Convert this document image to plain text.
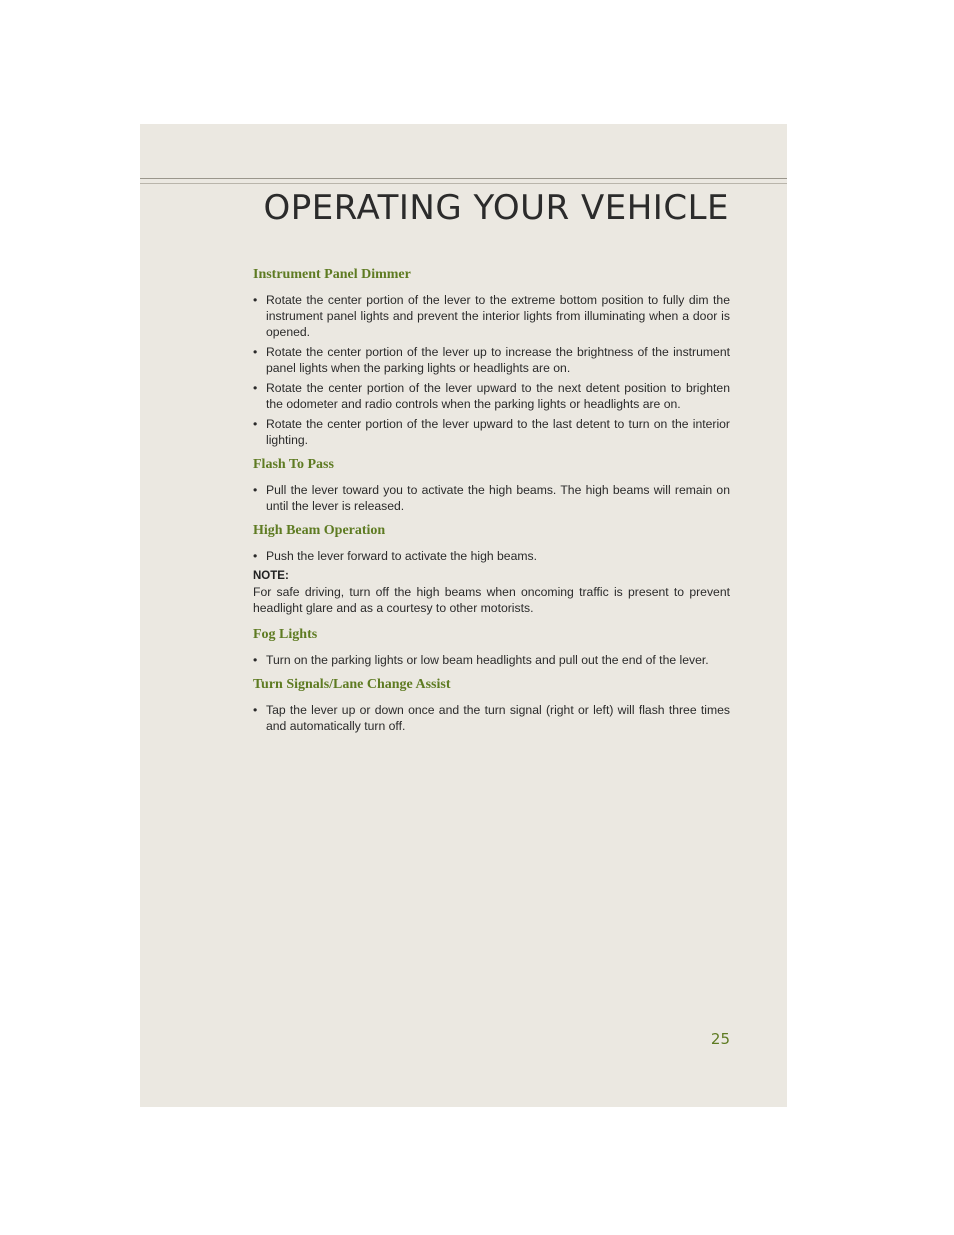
OPERATING YOUR VEHICLE
Instrument Panel Dimmer
• Rotate the center portion of the lever to the extreme bottom position to fully dim the instrument panel lights and prevent the interior lights from illuminating when a door is opened.
• Rotate the center portion of the lever up to increase the brightness of the instrument panel lights when the parking lights or headlights are on.
• Rotate the center portion of the lever upward to the next detent position to brighten the odometer and radio controls when the parking lights or headlights are on.
• Rotate the center portion of the lever upward to the last detent to turn on the interior lighting.
Flash To Pass
• Pull the lever toward you to activate the high beams. The high beams will remain on until the lever is released.
High Beam Operation
• Push the lever forward to activate the high beams.
NOTE:
For safe driving, turn off the high beams when oncoming traffic is present to prevent headlight glare and as a courtesy to other motorists.
Fog Lights
• Turn on the parking lights or low beam headlights and pull out the end of the lever.
Turn Signals/Lane Change Assist
• Tap the lever up or down once and the turn signal (right or left) will flash three times and automatically turn off.
25
